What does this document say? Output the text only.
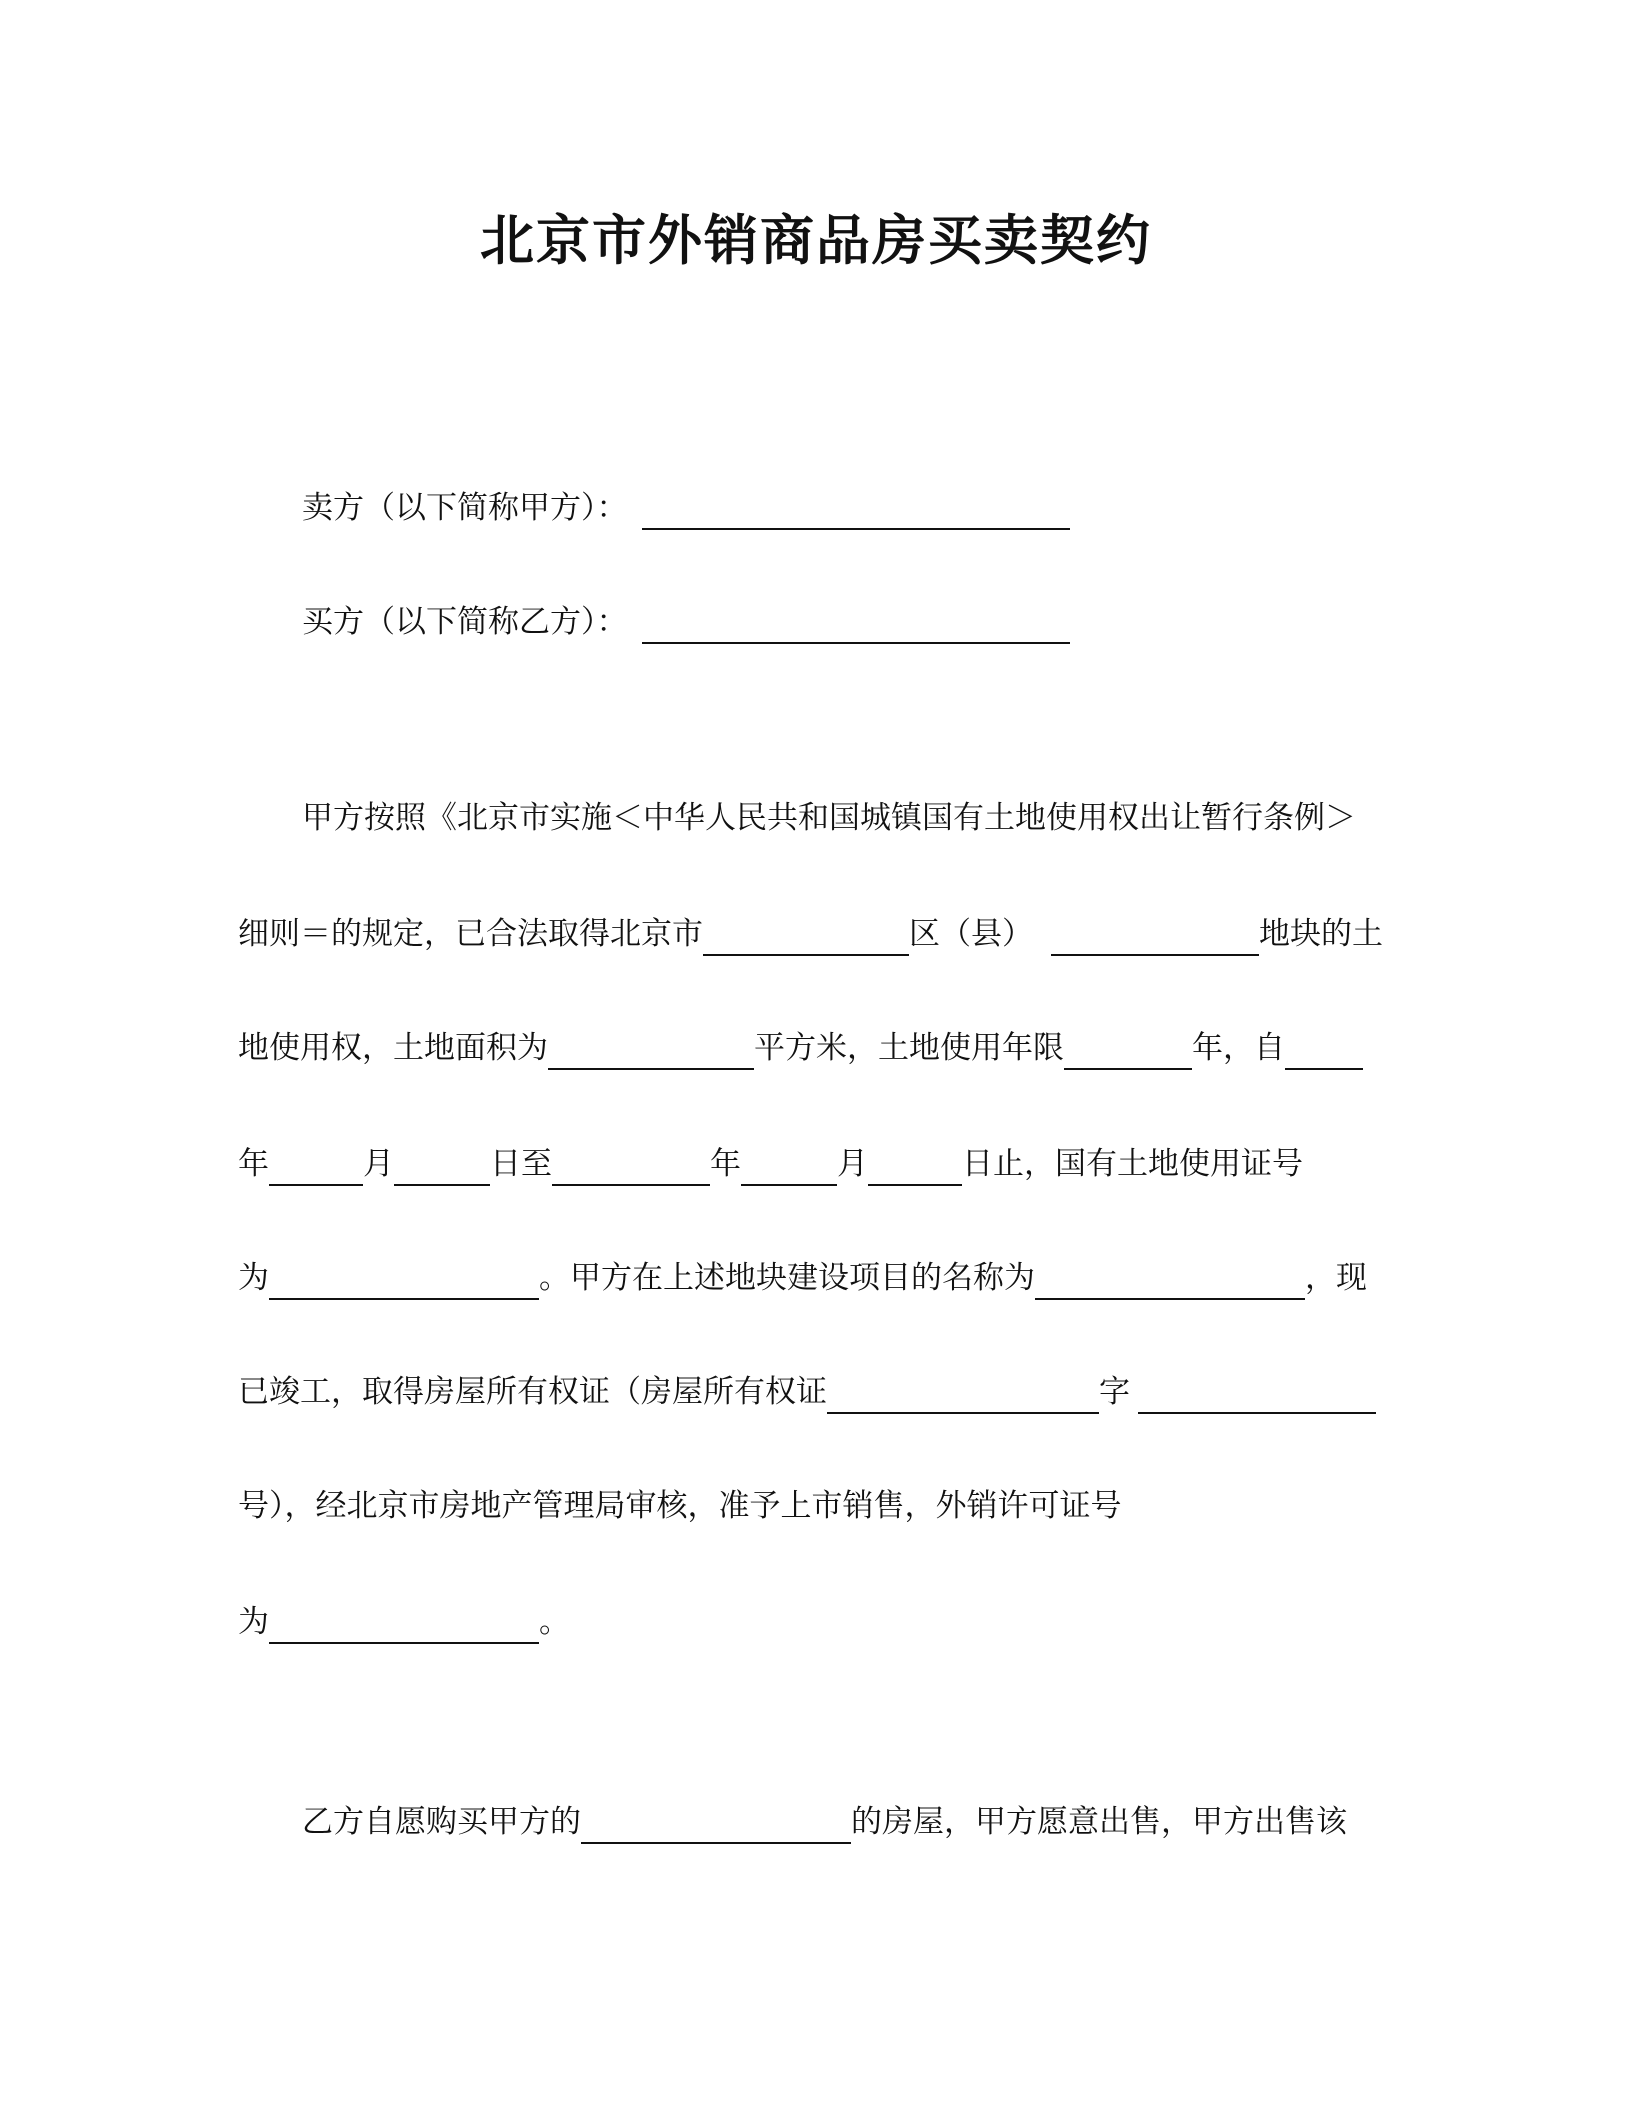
北京市外销商品房买卖契约
卖方（以下简称甲方）：
买方（以下简称乙方）：
甲方按照《北京市实施＜中华人民共和国城镇国有土地使用权出让暂行条例＞
细则＝的规定，已合法取得北京市	区（县）	地块的土
地使用权，土地面积为	平方米，土地使用年限	年，自
年	月	日至	年	月	日止，国有土地使用证号
为	。甲方在上述地块建设项目的名称为	，现
已竣工，取得房屋所有权证（房屋所有权证	字
号），经北京市房地产管理局审核，准予上市销售，外销许可证号
为	。
乙方自愿购买甲方的	的房屋，甲方愿意出售，甲方出售该
